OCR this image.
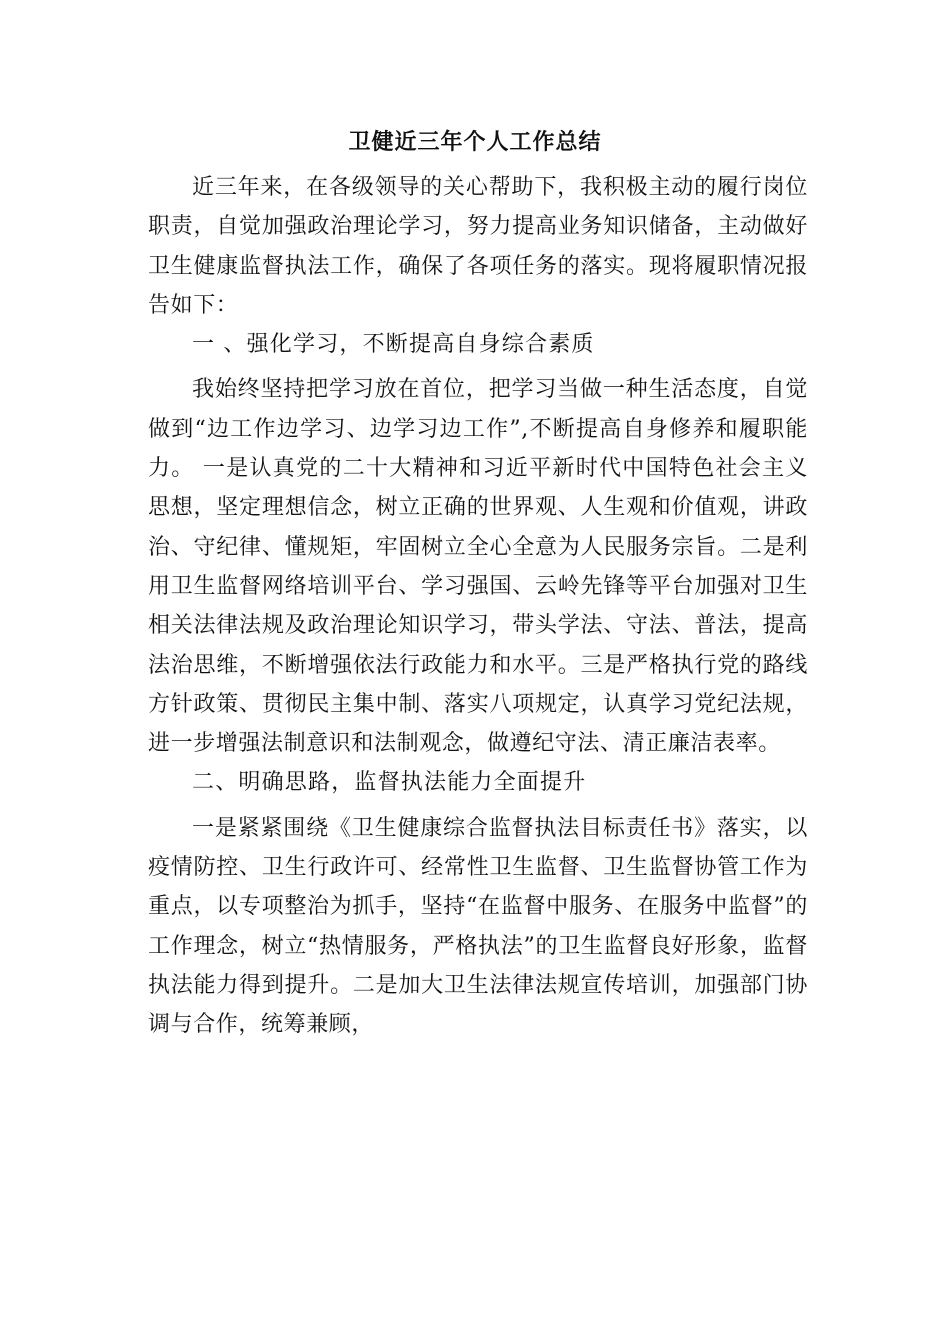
卫健近三年个人工作总结

近三年来，在各级领导的关心帮助下，我积极主动的履行岗位职责，自觉加强政治理论学习，努力提高业务知识储备，主动做好卫生健康监督执法工作，确保了各项任务的落实。现将履职情况报告如下：

一 、强化学习，不断提高自身综合素质

我始终坚持把学习放在首位，把学习当做一种生活态度，自觉做到“边工作边学习、边学习边工作”,不断提高自身修养和履职能力。 一是认真党的二十大精神和习近平新时代中国特色社会主义思想，坚定理想信念，树立正确的世界观、人生观和价值观，讲政治、守纪律、懂规矩，牢固树立全心全意为人民服务宗旨。二是利用卫生监督网络培训平台、学习强国、云岭先锋等平台加强对卫生相关法律法规及政治理论知识学习，带头学法、守法、普法，提高法治思维，不断增强依法行政能力和水平。三是严格执行党的路线方针政策、贯彻民主集中制、落实八项规定，认真学习党纪法规，进一步增强法制意识和法制观念，做遵纪守法、清正廉洁表率。

二、明确思路，监督执法能力全面提升

一是紧紧围绕《卫生健康综合监督执法目标责任书》落实，以疫情防控、卫生行政许可、经常性卫生监督、卫生监督协管工作为重点，以专项整治为抓手，坚持“在监督中服务、在服务中监督”的工作理念，树立“热情服务，严格执法”的卫生监督良好形象，监督执法能力得到提升。二是加大卫生法律法规宣传培训，加强部门协调与合作，统筹兼顾，
